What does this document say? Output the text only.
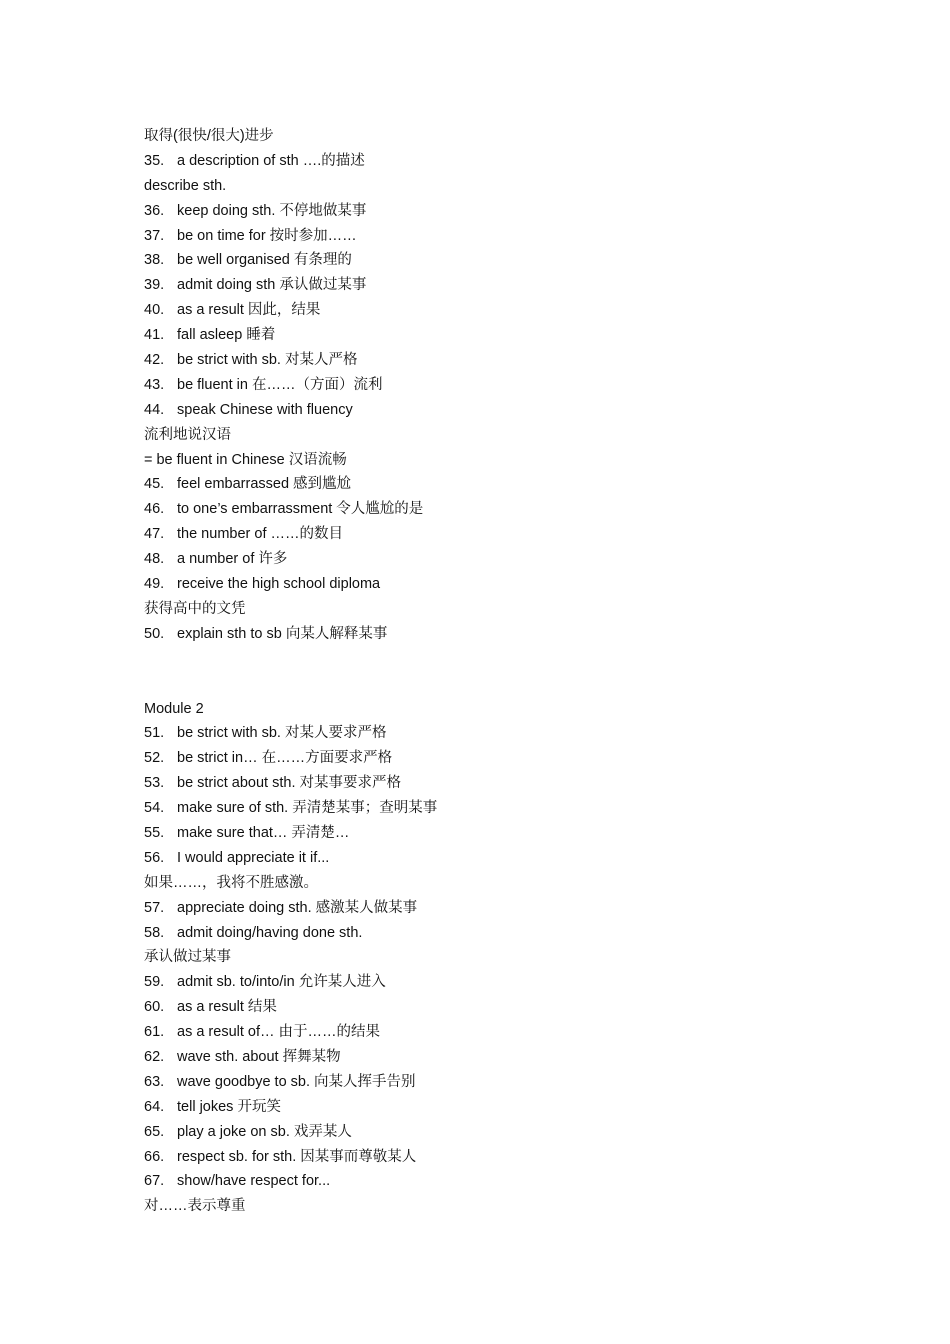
取得(很快/很大)进步
35. a description of sth ….的描述
describe sth.
36. keep doing sth. 不停地做某事
37. be on time for 按时参加……
38. be well organised 有条理的
39. admit doing sth 承认做过某事
40. as a result 因此，结果
41. fall asleep 睡着
42. be strict with sb. 对某人严格
43. be fluent in 在……（方面）流利
44. speak Chinese with fluency
流利地说汉语
= be fluent in Chinese 汉语流畅
45. feel embarrassed 感到尴尬
46. to one’s embarrassment 令人尴尬的是
47. the number of ……的数目
48. a number of 许多
49. receive the high school diploma
获得高中的文凭
50. explain sth to sb 向某人解释某事
Module 2
51. be strict with sb. 对某人要求严格
52. be strict in… 在……方面要求严格
53. be strict about sth. 对某事要求严格
54. make sure of sth. 弄清楚某事；查明某事
55. make sure that… 弄清楚…
56. I would appreciate it if...
如果……，我将不胜感激。
57. appreciate doing sth. 感激某人做某事
58. admit doing/having done sth.
承认做过某事
59. admit sb. to/into/in 允许某人进入
60. as a result 结果
61. as a result of… 由于……的结果
62. wave sth. about 挥舞某物
63. wave goodbye to sb. 向某人挥手告别
64. tell jokes 开玩笑
65. play a joke on sb. 戏弄某人
66. respect sb. for sth. 因某事而尊敬某人
67. show/have respect for...
对……表示尊重
